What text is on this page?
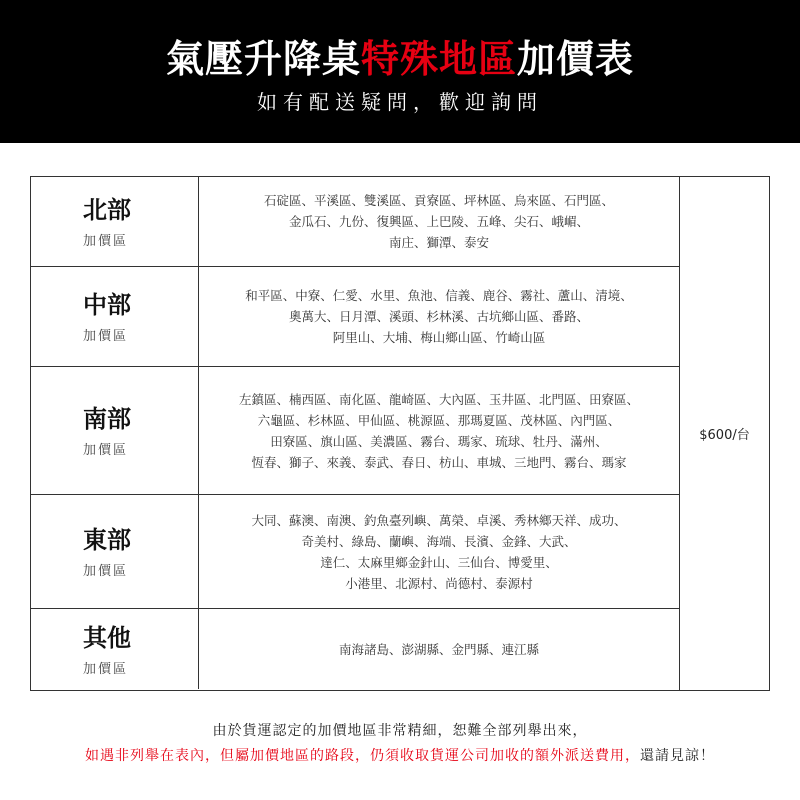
氣壓升降桌特殊地區加價表
如有配送疑問，歡迎詢問
北部
加價區
石碇區、平溪區、雙溪區、貢寮區、坪林區、烏來區、石門區、
金瓜石、九份、復興區、上巴陵、五峰、尖石、峨嵋、
南庄、獅潭、泰安
中部
加價區
和平區、中寮、仁愛、水里、魚池、信義、鹿谷、霧社、蘆山、清境、
奧萬大、日月潭、溪頭、杉林溪、古坑鄉山區、番路、
阿里山、大埔、梅山鄉山區、竹崎山區
南部
加價區
左鎮區、楠西區、南化區、龍崎區、大內區、玉井區、北門區、田寮區、
六龜區、杉林區、甲仙區、桃源區、那瑪夏區、茂林區、內門區、
田寮區、旗山區、美濃區、霧台、瑪家、琉球、牡丹、滿州、
恆春、獅子、來義、泰武、春日、枋山、車城、三地門、霧台、瑪家
東部
加價區
大同、蘇澳、南澳、釣魚臺列嶼、萬榮、卓溪、秀林鄉天祥、成功、
奇美村、綠島、蘭嶼、海端、長濱、金鋒、大武、
達仁、太麻里鄉金針山、三仙台、博愛里、
小港里、北源村、尚德村、泰源村
其他
加價區
南海諸島、澎湖縣、金門縣、連江縣
$600/台
由於貨運認定的加價地區非常精細，恕難全部列舉出來，
如遇非列舉在表內，但屬加價地區的路段，仍須收取貨運公司加收的額外派送費用，還請見諒！
